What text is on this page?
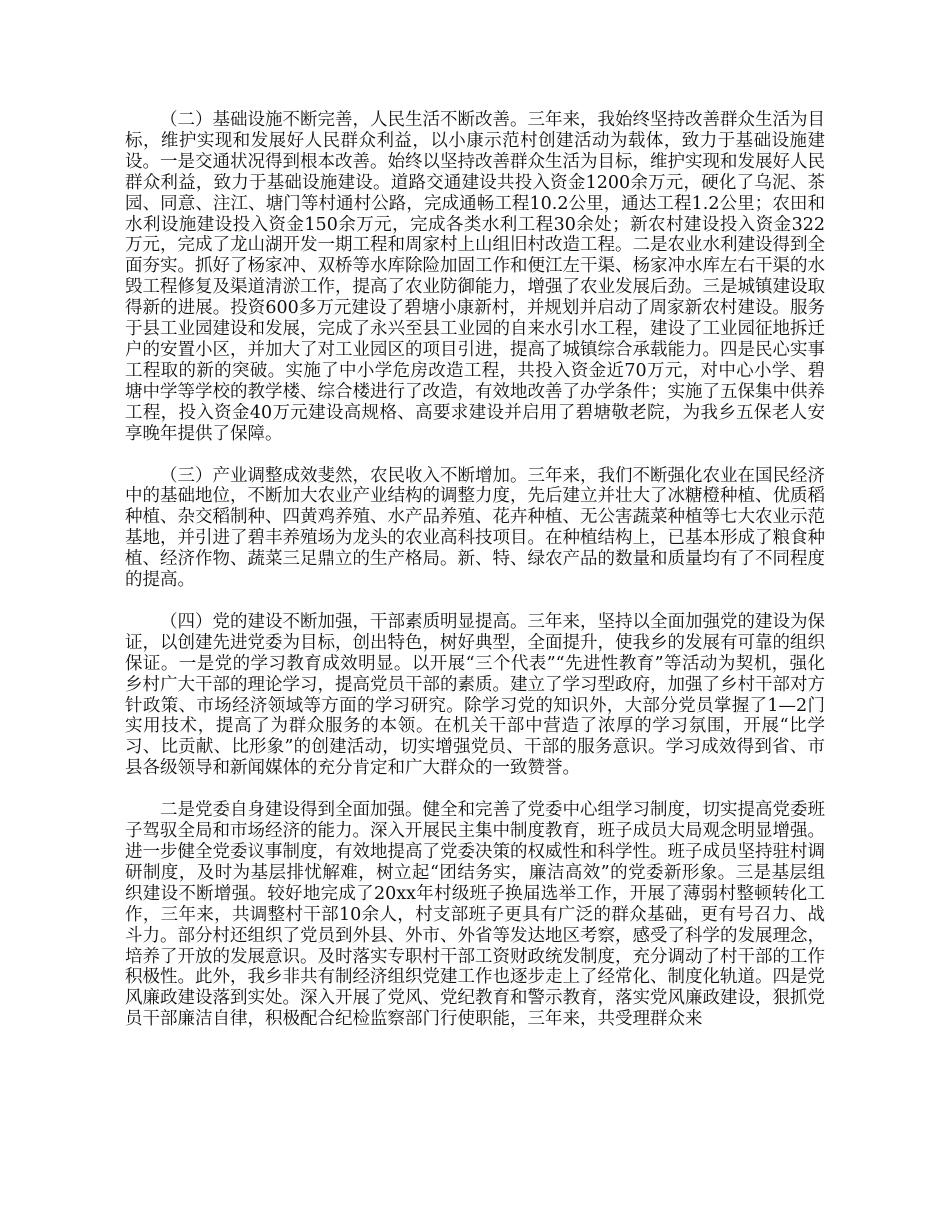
（二）基础设施不断完善，人民生活不断改善。三年来，我始终坚持改善群众生活为目标，维护实现和发展好人民群众利益，以小康示范村创建活动为载体，致力于基础设施建设。一是交通状况得到根本改善。始终以坚持改善群众生活为目标，维护实现和发展好人民群众利益，致力于基础设施建设。道路交通建设共投入资金1200余万元，硬化了乌泥、茶园、同意、注江、塘门等村通村公路，完成通畅工程10.2公里，通达工程1.2公里；农田和水利设施建设投入资金150余万元，完成各类水利工程30余处；新农村建设投入资金322万元，完成了龙山湖开发一期工程和周家村上山组旧村改造工程。二是农业水利建设得到全面夯实。抓好了杨家冲、双桥等水库除险加固工作和便江左干渠、杨家冲水库左右干渠的水毁工程修复及渠道清淤工作，提高了农业防御能力，增强了农业发展后劲。三是城镇建设取得新的进展。投资600多万元建设了碧塘小康新村，并规划并启动了周家新农村建设。服务于县工业园建设和发展，完成了永兴至县工业园的自来水引水工程，建设了工业园征地拆迁户的安置小区，并加大了对工业园区的项目引进，提高了城镇综合承载能力。四是民心实事工程取的新的突破。实施了中小学危房改造工程，共投入资金近70万元，对中心小学、碧塘中学等学校的教学楼、综合楼进行了改造，有效地改善了办学条件；实施了五保集中供养工程，投入资金40万元建设高规格、高要求建设并启用了碧塘敬老院，为我乡五保老人安享晚年提供了保障。

（三）产业调整成效斐然，农民收入不断增加。三年来，我们不断强化农业在国民经济中的基础地位，不断加大农业产业结构的调整力度，先后建立并壮大了冰糖橙种植、优质稻种植、杂交稻制种、四黄鸡养殖、水产品养殖、花卉种植、无公害蔬菜种植等七大农业示范基地，并引进了碧丰养殖场为龙头的农业高科技项目。在种植结构上，已基本形成了粮食种植、经济作物、蔬菜三足鼎立的生产格局。新、特、绿农产品的数量和质量均有了不同程度的提高。

（四）党的建设不断加强，干部素质明显提高。三年来，坚持以全面加强党的建设为保证，以创建先进党委为目标，创出特色，树好典型，全面提升，使我乡的发展有可靠的组织保证。一是党的学习教育成效明显。以开展“三个代表”“先进性教育”等活动为契机，强化乡村广大干部的理论学习，提高党员干部的素质。建立了学习型政府，加强了乡村干部对方针政策、市场经济领域等方面的学习研究。除学习党的知识外，大部分党员掌握了1—2门实用技术，提高了为群众服务的本领。在机关干部中营造了浓厚的学习氛围，开展“比学习、比贡献、比形象”的创建活动，切实增强党员、干部的服务意识。学习成效得到省、市县各级领导和新闻媒体的充分肯定和广大群众的一致赞誉。

二是党委自身建设得到全面加强。健全和完善了党委中心组学习制度，切实提高党委班子驾驭全局和市场经济的能力。深入开展民主集中制度教育，班子成员大局观念明显增强。进一步健全党委议事制度，有效地提高了党委决策的权威性和科学性。班子成员坚持驻村调研制度，及时为基层排忧解难，树立起“团结务实，廉洁高效”的党委新形象。三是基层组织建设不断增强。较好地完成了20xx年村级班子换届选举工作，开展了薄弱村整顿转化工作，三年来，共调整村干部10余人，村支部班子更具有广泛的群众基础，更有号召力、战斗力。部分村还组织了党员到外县、外市、外省等发达地区考察，感受了科学的发展理念，培养了开放的发展意识。及时落实专职村干部工资财政统发制度，充分调动了村干部的工作积极性。此外，我乡非共有制经济组织党建工作也逐步走上了经常化、制度化轨道。四是党风廉政建设落到实处。深入开展了党风、党纪教育和警示教育，落实党风廉政建设，狠抓党员干部廉洁自律，积极配合纪检监察部门行使职能，三年来，共受理群众来
